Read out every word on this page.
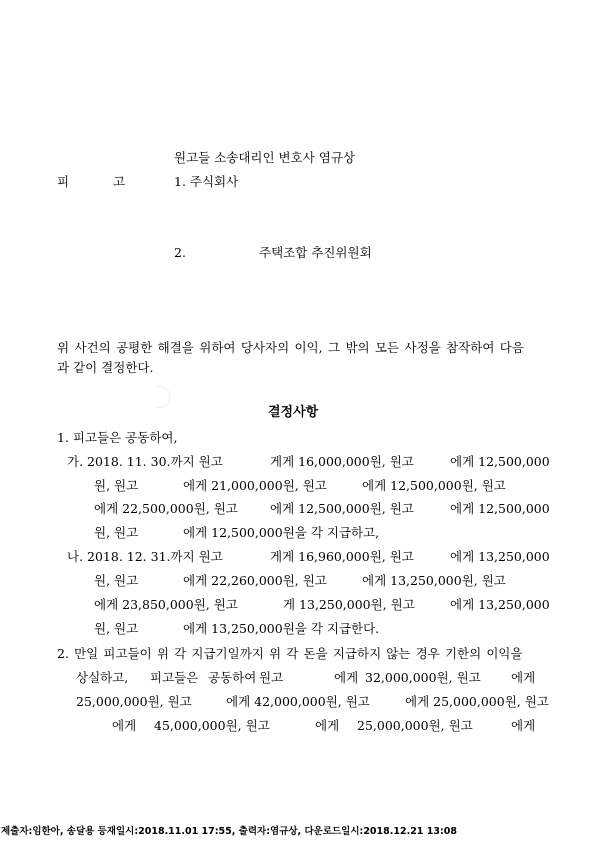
원고들 소송대리인 변호사 염규상
피	고	1. 주식회사
2.	주택조합 추진위원회
위 사건의 공평한 해결을 위하여 당사자의 이익, 그 밖의 모든 사정을 참작하여 다음
과 같이 결정한다.
결정사항
1. 피고들은 공동하여,
가. 2018. 11. 30.까지 원고	게게 16,000,000원, 원고	에게 12,500,000
원, 원고	에게 21,000,000원, 원고	에게 12,500,000원, 원고
에게 22,500,000원, 원고	에게 12,500,000원, 원고	에게 12,500,000
원, 원고	에게 12,500,000원을 각 지급하고,
나. 2018. 12. 31.까지 원고	게게 16,960,000원, 원고	에게 13,250,000
원, 원고	에게 22,260,000원, 원고	에게 13,250,000원, 원고
에게 23,850,000원, 원고	게 13,250,000원, 원고	에게 13,250,000
원, 원고	에게 13,250,000원을 각 지급한다.
2. 만일 피고들이 위 각 지급기일까지 위 각 돈을 지급하지 않는 경우 기한의 이익을
상실하고, 피고들은 공동하여 원고	에게 32,000,000원, 원고 에게
25,000,000원, 원고	에게 42,000,000원, 원고	에게 25,000,000원, 원고
에게 45,000,000원, 원고	에게 25,000,000원, 원고	에게
제출자:임한아, 송달용 등재일시:2018.11.01 17:55, 출력자:염규상, 다운로드일시:2018.12.21 13:08
